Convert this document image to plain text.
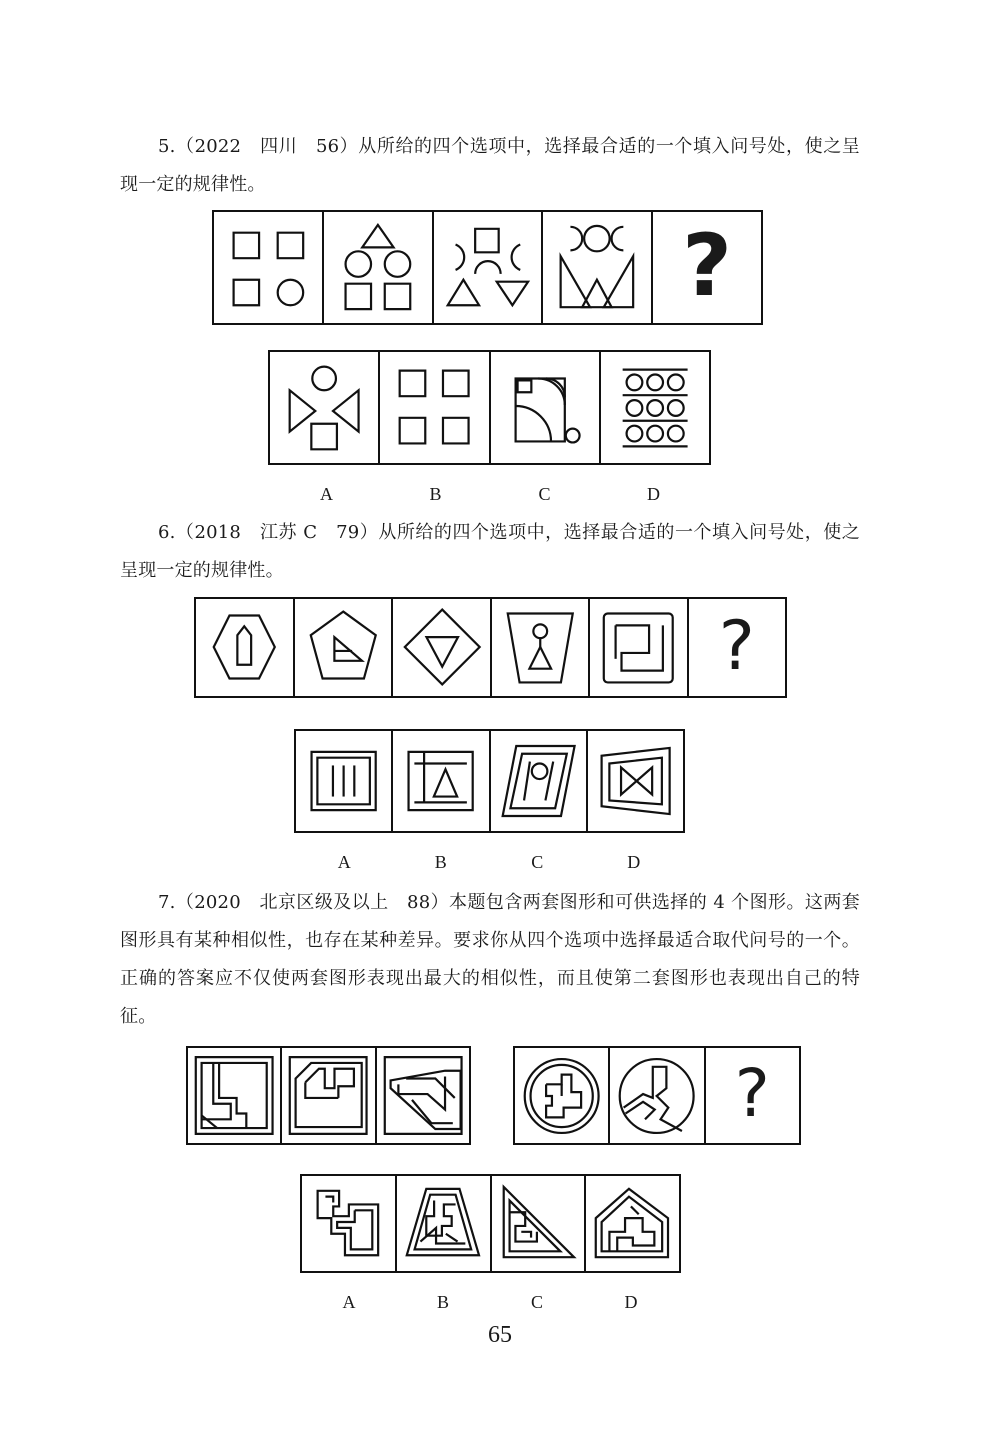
5.（2022　四川　56）从所给的四个选项中，选择最合适的一个填入问号处，使之呈现一定的规律性。

?
A	B	C	D

6.（2018　江苏 C　79）从所给的四个选项中，选择最合适的一个填入问号处，使之呈现一定的规律性。

?
A	B	C	D

7.（2020　北京区级及以上　88）本题包含两套图形和可供选择的 4 个图形。这两套图形具有某种相似性，也存在某种差异。要求你从四个选项中选择最适合取代问号的一个。正确的答案应不仅使两套图形表现出最大的相似性，而且使第二套图形也表现出自己的特征。

?
A	B	C	D
65
